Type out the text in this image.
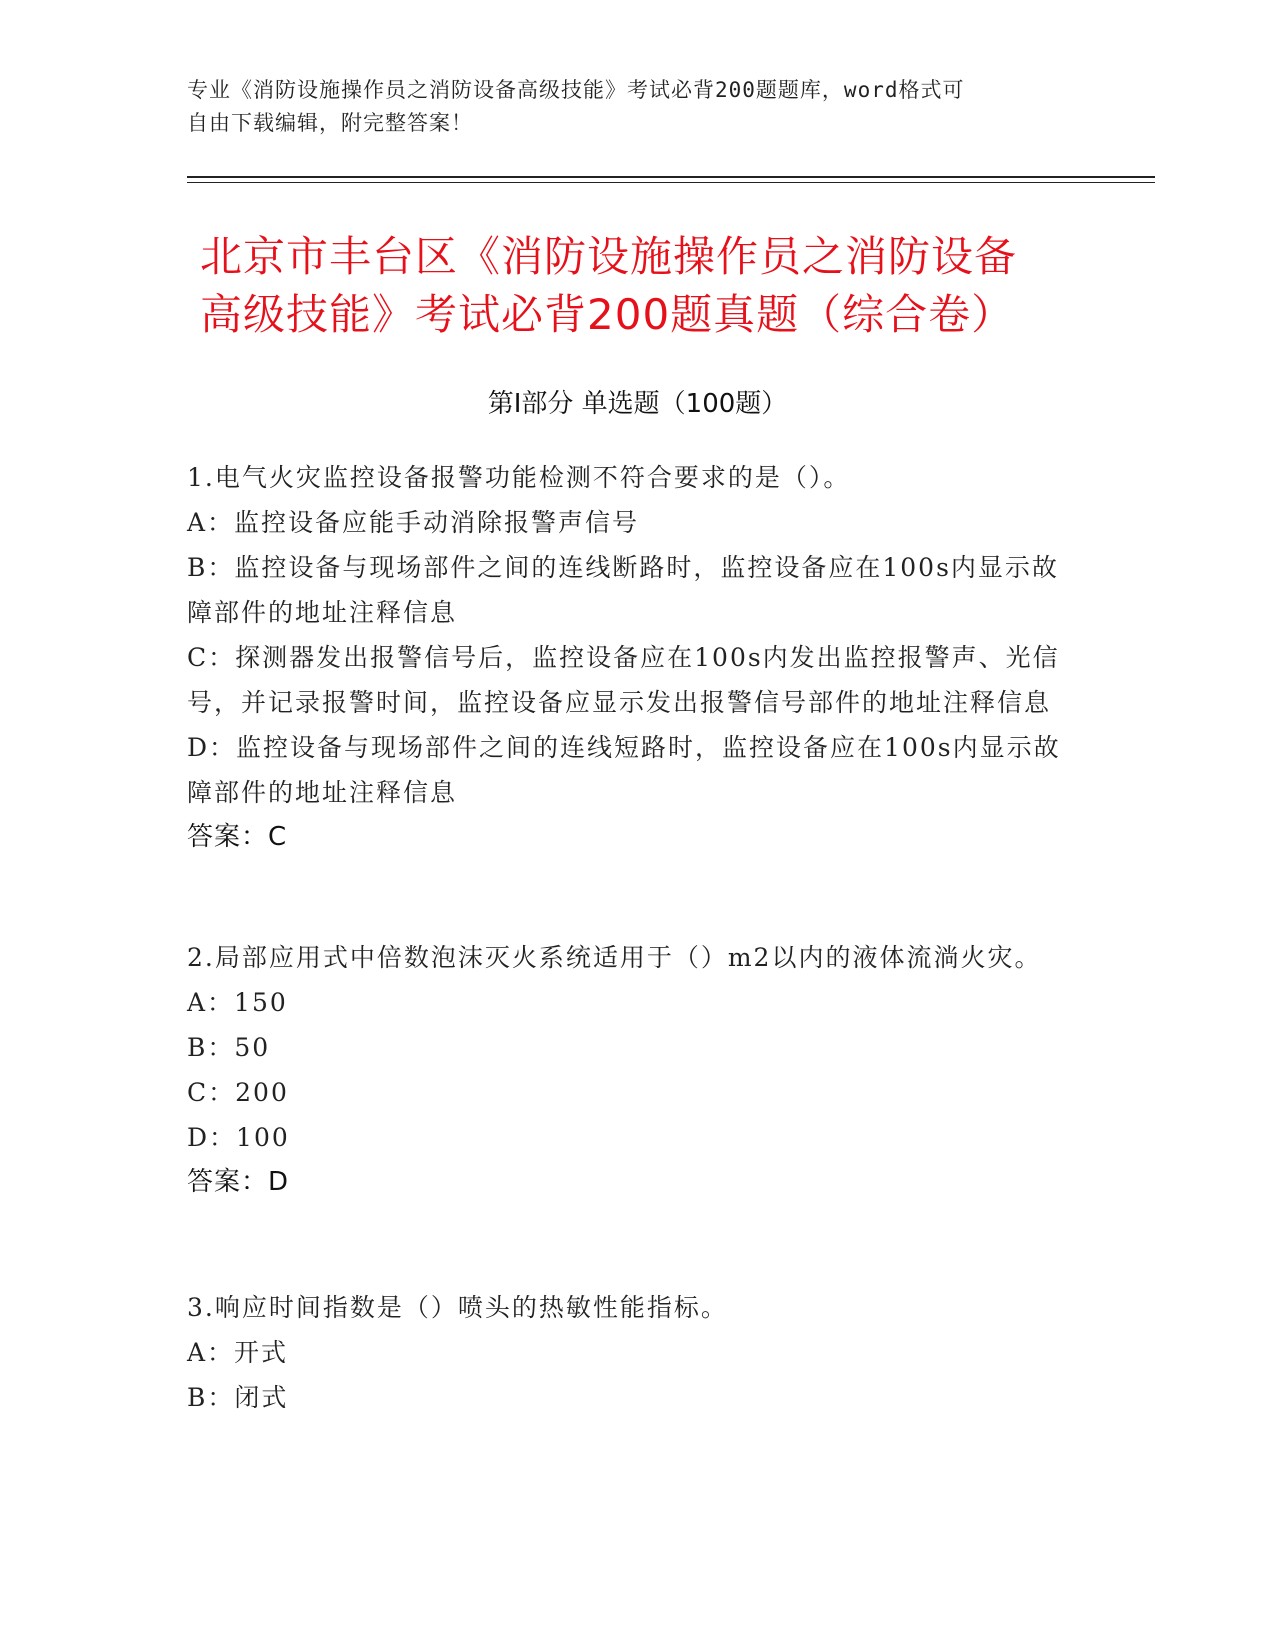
专业《消防设施操作员之消防设备高级技能》考试必背200题题库，word格式可
自由下载编辑，附完整答案！
北京市丰台区《消防设施操作员之消防设备
高级技能》考试必背200题真题（综合卷）
第Ⅰ部分 单选题（100题）
1.电气火灾监控设备报警功能检测不符合要求的是（）。
A：监控设备应能手动消除报警声信号
B：监控设备与现场部件之间的连线断路时，监控设备应在100s内显示故障部件的地址注释信息
C：探测器发出报警信号后，监控设备应在100s内发出监控报警声、光信号，并记录报警时间，监控设备应显示发出报警信号部件的地址注释信息
D：监控设备与现场部件之间的连线短路时，监控设备应在100s内显示故障部件的地址注释信息
答案：C
2.局部应用式中倍数泡沫灭火系统适用于（）m2以内的液体流淌火灾。
A：150
B：50
C：200
D：100
答案：D
3.响应时间指数是（）喷头的热敏性能指标。
A：开式
B：闭式
